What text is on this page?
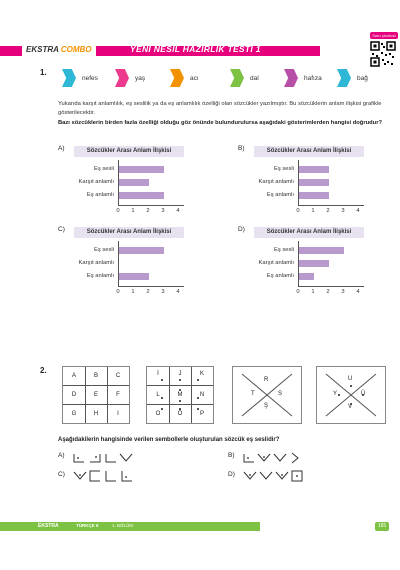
EKSTRA COMBO	YENİ NESİL HAZIRLIK TESTİ 1
Soru çözümü
1.
nefes	yaş	acı	dal	hafıza	bağ
Yukarıda karşıt anlamlılık, eş seslilik ya da eş anlamlılık özelliği olan sözcükler yazılmıştır. Bu sözcüklerin anlam ilişkisi grafikle gösterilecektir.
Bazı sözcüklerin birden fazla özelliği olduğu göz önünde bulundurulursa aşağıdaki gösterimlerden hangisi doğrudur?
A)	Sözcükler Arası Anlam İlişkisi
Eş sesli
Karşıt anlamlı
Eş anlamlı
0	1	2	3	4
B)	Sözcükler Arası Anlam İlişkisi
Eş sesli
Karşıt anlamlı
Eş anlamlı
0	1	2	3	4
C)	Sözcükler Arası Anlam İlişkisi
Eş sesli
Karşıt anlamlı
Eş anlamlı
0	1	2	3	4
D)	Sözcükler Arası Anlam İlişkisi
Eş sesli
Karşıt anlamlı
Eş anlamlı
0	1	2	3	4
2.
A	B	C
D	E	F
G	H	I
İ	J	K
L	M	N
O	Ö	P
R
T	S
Ş
U
Y	Ü
V
Aşağıdakilerin hangisinde verilen sembollerle oluşturulan sözcük eş seslidir?
A)	B)
C)	D)
EKSTRA	TÜRKÇE 6	1. BÖLÜM	165
